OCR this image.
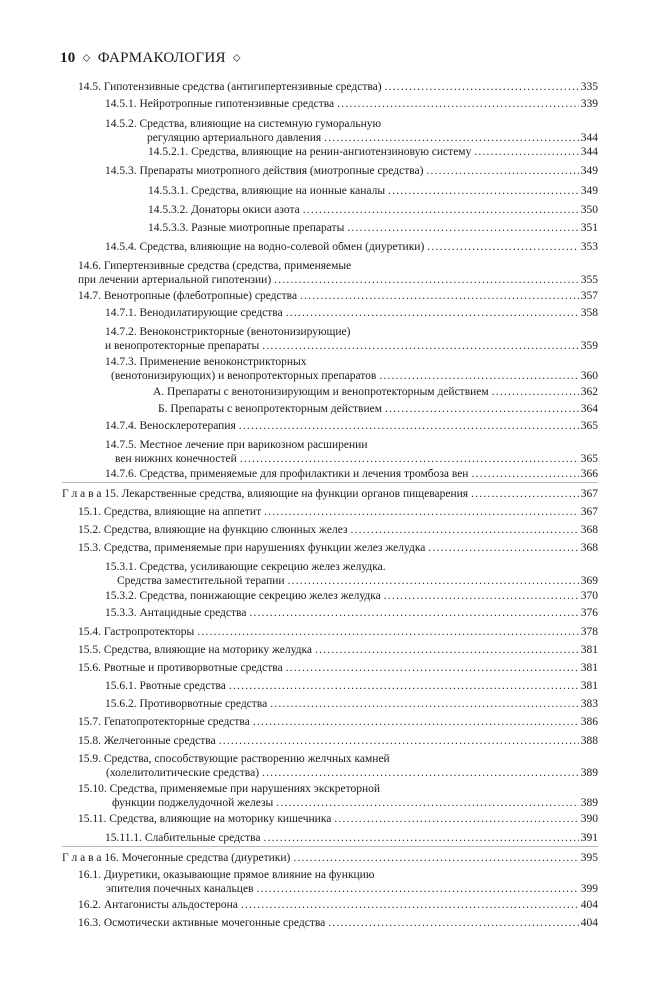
10 ⬦ ФАРМАКОЛОГИЯ ⬦
14.5. Гипотензивные средства (антигипертензивные средства) .....	335
14.5.1. Нейротропные гипотензивные средства .....	339
14.5.2. Средства, влияющие на системную гуморальную
регуляцию артериального давления .....	344
14.5.2.1. Средства, влияющие на ренин-ангиотензиновую систему .....	344
14.5.3. Препараты миотропного действия (миотропные средства) .....	349
14.5.3.1. Средства, влияющие на ионные каналы .....	349
14.5.3.2. Донаторы окиси азота .....	350
14.5.3.3. Разные миотропные препараты .....	351
14.5.4. Средства, влияющие на водно-солевой обмен (диуретики) .....	353
14.6. Гипертензивные средства (средства, применяемые
при лечении артериальной гипотензии) .....	355
14.7. Венотропные (флеботропные) средства .....	357
14.7.1. Венодилатирующие средства .....	358
14.7.2. Веноконстрикторные (венотонизирующие)
и венопротекторные препараты .....	359
14.7.3. Применение веноконстрикторных
(венотонизирующих) и венопротекторных препаратов .....	360
А. Препараты с венотонизирующим и венопротекторным действием .....	362
Б. Препараты с венопротекторным действием .....	364
14.7.4. Веносклеротерапия .....	365
14.7.5. Местное лечение при варикозном расширении
вен нижних конечностей .....	365
14.7.6. Средства, применяемые для профилактики и лечения тромбоза вен .....	366
Г л а в а 15. Лекарственные средства, влияющие на функции органов пищеварения .....	367
15.1. Средства, влияющие на аппетит .....	367
15.2. Средства, влияющие на функцию слюнных желез .....	368
15.3. Средства, применяемые при нарушениях функции желез желудка .....	368
15.3.1. Средства, усиливающие секрецию желез желудка.
Средства заместительной терапии .....	369
15.3.2. Средства, понижающие секрецию желез желудка .....	370
15.3.3. Антацидные средства .....	376
15.4. Гастропротекторы .....	378
15.5. Средства, влияющие на моторику желудка .....	381
15.6. Рвотные и противорвотные средства .....	381
15.6.1. Рвотные средства .....	381
15.6.2. Противорвотные средства .....	383
15.7. Гепатопротекторные средства .....	386
15.8. Желчегонные средства .....	388
15.9. Средства, способствующие растворению желчных камней
(холелитолитические средства) .....	389
15.10. Средства, применяемые при нарушениях экскреторной
функции поджелудочной железы .....	389
15.11. Средства, влияющие на моторику кишечника .....	390
15.11.1. Слабительные средства .....	391
Г л а в а 16. Мочегонные средства (диуретики) .....	395
16.1. Диуретики, оказывающие прямое влияние на функцию
эпителия почечных канальцев .....	399
16.2. Антагонисты альдостерона .....	404
16.3. Осмотически активные мочегонные средства .....	404
